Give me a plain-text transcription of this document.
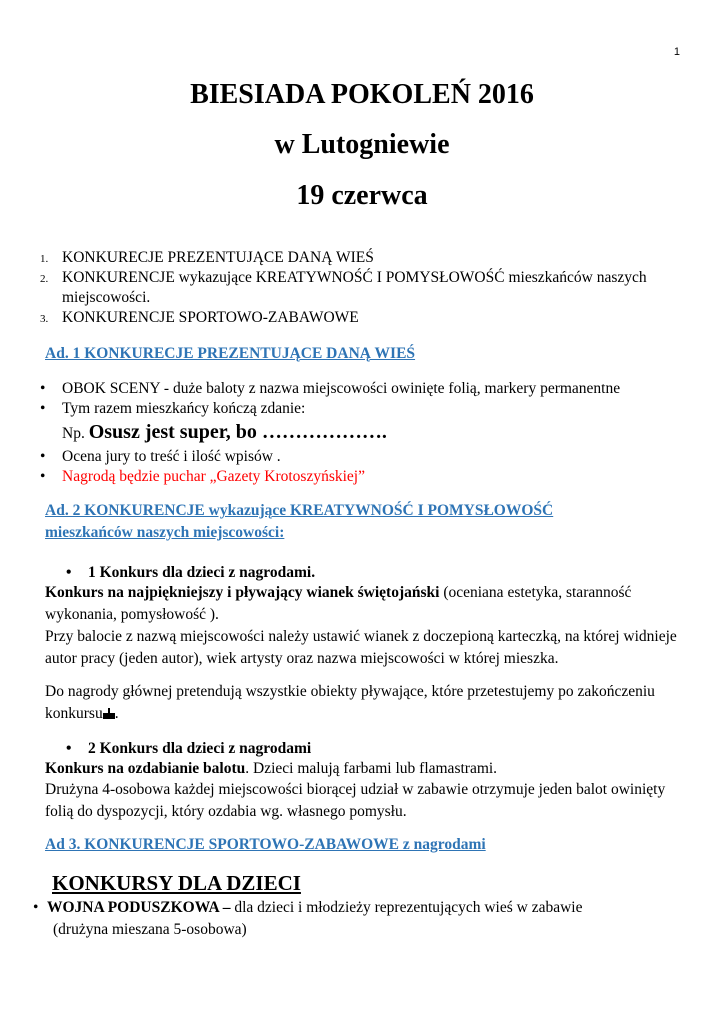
1
BIESIADA POKOLEŃ 2016
w Lutogniewie
19 czerwca
1. KONKURECJE PREZENTUJĄCE DANĄ WIEŚ
2. KONKURENCJE wykazujące KREATYWNOŚĆ I POMYSŁOWOŚĆ mieszkańców naszych miejscowości.
3. KONKURENCJE SPORTOWO-ZABAWOWE
Ad. 1 KONKURECJE PREZENTUJĄCE DANĄ WIEŚ
• OBOK SCENY - duże baloty z nazwa miejscowości owinięte folią, markery permanentne
• Tym razem mieszkańcy kończą zdanie:
Np. Osusz jest super, bo ……………….
• Ocena jury to treść i ilość wpisów .
• Nagrodą będzie puchar „Gazety Krotoszyńskiej”
Ad. 2 KONKURENCJE wykazujące KREATYWNOŚĆ I POMYSŁOWOŚĆ
mieszkańców naszych miejscowości:
• 1 Konkurs dla dzieci z nagrodami.
Konkurs na najpiękniejszy i pływający wianek świętojański (oceniana estetyka, staranność wykonania, pomysłowość ).
Przy balocie z nazwą miejscowości należy ustawić wianek z doczepioną karteczką, na której widnieje autor pracy (jeden autor), wiek artysty oraz nazwa miejscowości w której mieszka.
Do nagrody głównej pretendują wszystkie obiekty pływające, które przetestujemy po zakończeniu konkursu .
• 2 Konkurs dla dzieci z nagrodami
Konkurs na ozdabianie balotu. Dzieci malują farbami lub flamastrami.
Drużyna 4-osobowa każdej miejscowości biorącej udział w zabawie otrzymuje jeden balot owinięty folią do dyspozycji, który ozdabia wg. własnego pomysłu.
Ad 3. KONKURENCJE SPORTOWO-ZABAWOWE z nagrodami
KONKURSY DLA DZIECI
• WOJNA PODUSZKOWA – dla dzieci i młodzieży reprezentujących wieś w zabawie
(drużyna mieszana 5-osobowa)
